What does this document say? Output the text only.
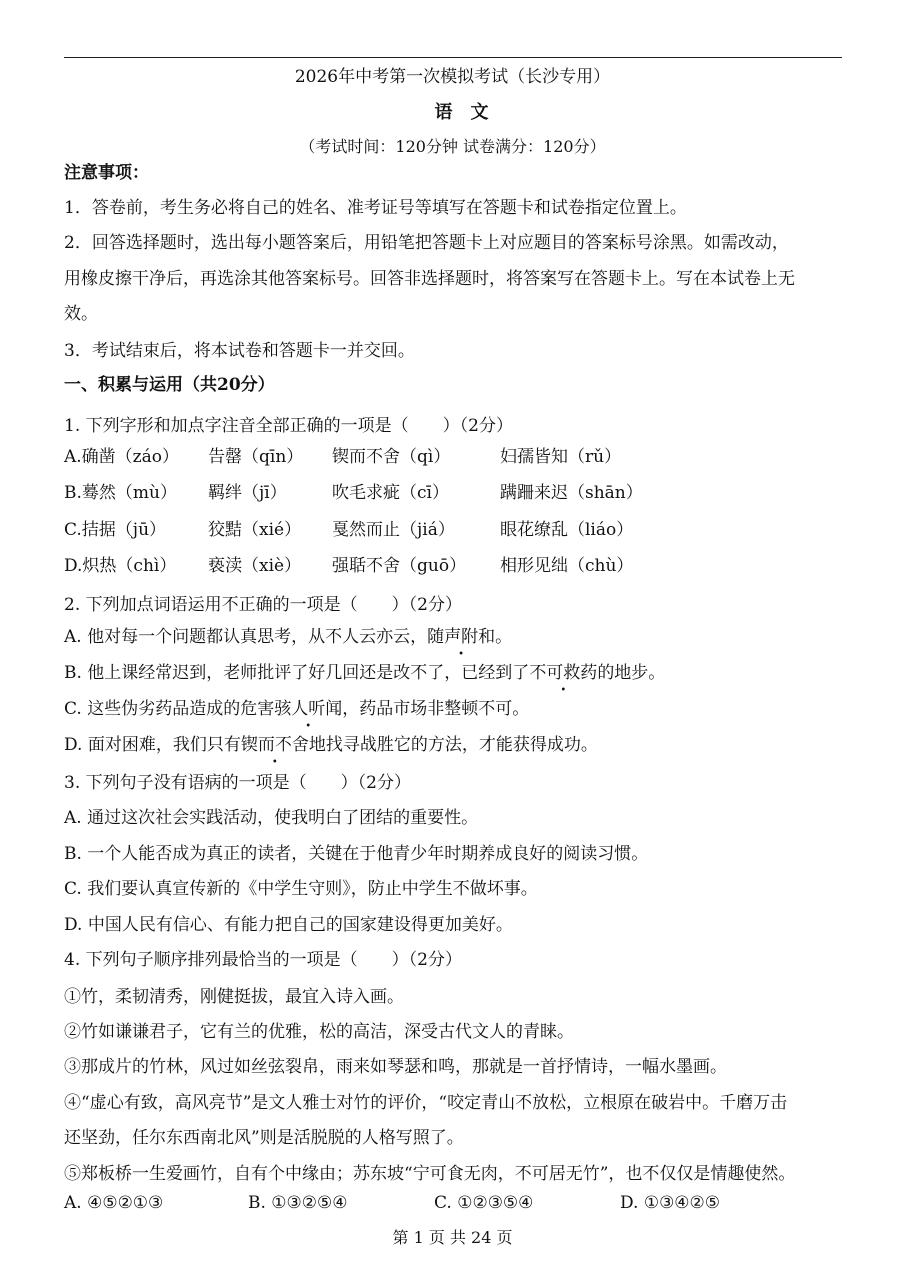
2026年中考第一次模拟考试（长沙专用）
语文
（考试时间：120分钟 试卷满分：120分）
注意事项：
1．答卷前，考生务必将自己的姓名、准考证号等填写在答题卡和试卷指定位置上。
2．回答选择题时，选出每小题答案后，用铅笔把答题卡上对应题目的答案标号涂黑。如需改动，
用橡皮擦干净后，再选涂其他答案标号。回答非选择题时，将答案写在答题卡上。写在本试卷上无
效。
3．考试结束后，将本试卷和答题卡一并交回。
一、积累与运用（共20分）
1. 下列字形和加点字注音全部正确的一项是（　　）（2分）
A.确凿（záo） 告罄（qīn） 锲而不舍（qì）	妇孺皆知（rǔ）
B.蓦然（mù） 羁绊（jī）	吹毛求疵（cī）	蹒跚来迟（shān）
C.拮据（jū） 狡黠（xié） 戛然而止（jiá）	眼花缭乱（liáo）
D.炽热（chì） 亵渎（xiè） 强聒不舍（guō） 相形见绌（chù）
2. 下列加点词语运用不正确的一项是（　　）（2分）
A. 他对每一个问题都认真思考，从不人云亦云，随声附和。
B. 他上课经常迟到，老师批评了好几回还是改不了，已经到了不可救药的地步。
C. 这些伪劣药品造成的危害骇人听闻，药品市场非整顿不可。
D. 面对困难，我们只有锲而不舍地找寻战胜它的方法，才能获得成功。
3. 下列句子没有语病的一项是（　　）（2分）
A. 通过这次社会实践活动，使我明白了团结的重要性。
B. 一个人能否成为真正的读者，关键在于他青少年时期养成良好的阅读习惯。
C. 我们要认真宣传新的《中学生守则》，防止中学生不做坏事。
D. 中国人民有信心、有能力把自己的国家建设得更加美好。
4. 下列句子顺序排列最恰当的一项是（　　）（2分）
①竹，柔韧清秀，刚健挺拔，最宜入诗入画。
②竹如谦谦君子，它有兰的优雅，松的高洁，深受古代文人的青睐。
③那成片的竹林，风过如丝弦裂帛，雨来如琴瑟和鸣，那就是一首抒情诗，一幅水墨画。
④“虚心有致，高风亮节”是文人雅士对竹的评价，“咬定青山不放松，立根原在破岩中。千磨万击
还坚劲，任尔东西南北风”则是活脱脱的人格写照了。
⑤郑板桥一生爱画竹，自有个中缘由；苏东坡“宁可食无肉，不可居无竹”，也不仅仅是情趣使然。
A. ④⑤②①③	B. ①③②⑤④	C. ①②③⑤④	D. ①③④②⑤
第 1 页 共 24 页
